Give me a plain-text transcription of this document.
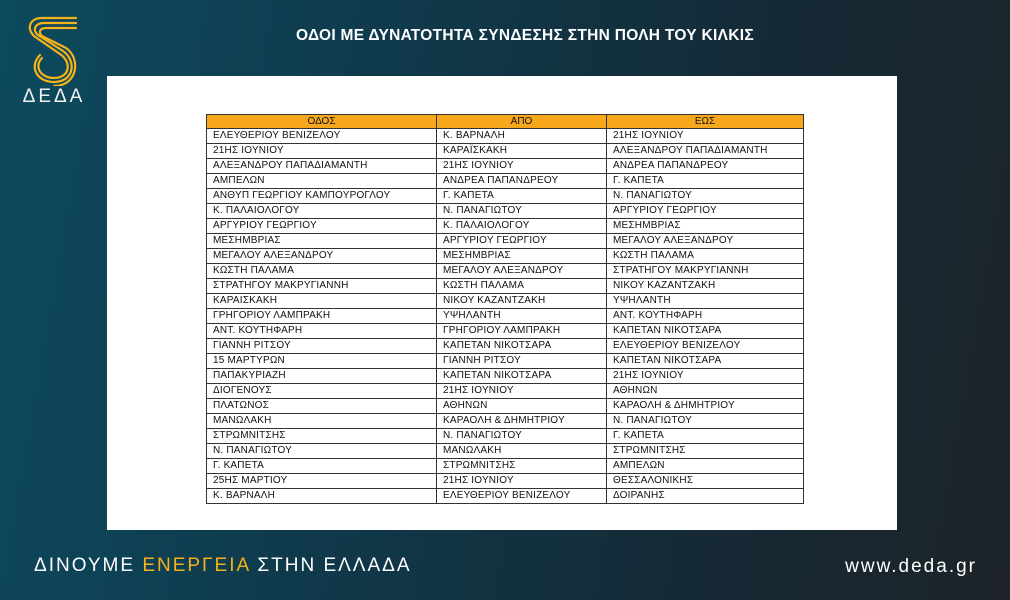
ΔΕΔΑ
ΟΔΟΙ ΜΕ ΔΥΝΑΤΟΤΗΤΑ ΣΥΝΔΕΣΗΣ ΣΤΗΝ ΠΟΛΗ ΤΟΥ ΚΙΛΚΙΣ
ΟΔΟΣ	ΑΠΟ	ΕΩΣ
ΕΛΕΥΘΕΡΙΟΥ ΒΕΝΙΖΕΛΟΥ	Κ. ΒΑΡΝΑΛΗ	21ΗΣ ΙΟΥΝΙΟΥ
21ΗΣ ΙΟΥΝΙΟΥ	ΚΑΡΑΪΣΚΑΚΗ	ΑΛΕΞΑΝΔΡΟΥ ΠΑΠΑΔΙΑΜΑΝΤΗ
ΑΛΕΞΑΝΔΡΟΥ ΠΑΠΑΔΙΑΜΑΝΤΗ	21ΗΣ ΙΟΥΝΙΟΥ	ΑΝΔΡΕΑ ΠΑΠΑΝΔΡΕΟΥ
ΑΜΠΕΛΩΝ	ΑΝΔΡΕΑ ΠΑΠΑΝΔΡΕΟΥ	Γ. ΚΑΠΕΤΑ
ΑΝΘΥΠ ΓΕΩΡΓΙΟΥ ΚΑΜΠΟΥΡΟΓΛΟΥ	Γ. ΚΑΠΕΤΑ	Ν. ΠΑΝΑΓΙΩΤΟΥ
Κ. ΠΑΛΑΙΟΛΟΓΟΥ	Ν. ΠΑΝΑΓΙΩΤΟΥ	ΑΡΓΥΡΙΟΥ ΓΕΩΡΓΙΟΥ
ΑΡΓΥΡΙΟΥ ΓΕΩΡΓΙΟΥ	Κ. ΠΑΛΑΙΟΛΟΓΟΥ	ΜΕΣΗΜΒΡΙΑΣ
ΜΕΣΗΜΒΡΙΑΣ	ΑΡΓΥΡΙΟΥ ΓΕΩΡΓΙΟΥ	ΜΕΓΑΛΟΥ ΑΛΕΞΑΝΔΡΟΥ
ΜΕΓΑΛΟΥ ΑΛΕΞΑΝΔΡΟΥ	ΜΕΣΗΜΒΡΙΑΣ	ΚΩΣΤΗ ΠΑΛΑΜΑ
ΚΩΣΤΗ ΠΑΛΑΜΑ	ΜΕΓΑΛΟΥ ΑΛΕΞΑΝΔΡΟΥ	ΣΤΡΑΤΗΓΟΥ ΜΑΚΡΥΓΙΑΝΝΗ
ΣΤΡΑΤΗΓΟΥ ΜΑΚΡΥΓΙΑΝΝΗ	ΚΩΣΤΗ ΠΑΛΑΜΑ	ΝΙΚΟΥ ΚΑΖΑΝΤΖΑΚΗ
ΚΑΡΑΙΣΚΑΚΗ	ΝΙΚΟΥ ΚΑΖΑΝΤΖΑΚΗ	ΥΨΗΛΑΝΤΗ
ΓΡΗΓΟΡΙΟΥ ΛΑΜΠΡΑΚΗ	ΥΨΗΛΑΝΤΗ	ΑΝΤ. ΚΟΥΤΗΦΑΡΗ
ΑΝΤ. ΚΟΥΤΗΦΑΡΗ	ΓΡΗΓΟΡΙΟΥ ΛΑΜΠΡΑΚΗ	ΚΑΠΕΤΑΝ ΝΙΚΟΤΣΑΡΑ
ΓΙΑΝΝΗ ΡΙΤΣΟΥ	ΚΑΠΕΤΑΝ ΝΙΚΟΤΣΑΡΑ	ΕΛΕΥΘΕΡΙΟΥ ΒΕΝΙΖΕΛΟΥ
15 ΜΑΡΤΥΡΩΝ	ΓΙΑΝΝΗ ΡΙΤΣΟΥ	ΚΑΠΕΤΑΝ ΝΙΚΟΤΣΑΡΑ
ΠΑΠΑΚΥΡΙΑΖΗ	ΚΑΠΕΤΑΝ ΝΙΚΟΤΣΑΡΑ	21ΗΣ ΙΟΥΝΙΟΥ
ΔΙΟΓΕΝΟΥΣ	21ΗΣ ΙΟΥΝΙΟΥ	ΑΘΗΝΩΝ
ΠΛΑΤΩΝΟΣ	ΑΘΗΝΩΝ	ΚΑΡΑΟΛΗ & ΔΗΜΗΤΡΙΟΥ
ΜΑΝΩΛΑΚΗ	ΚΑΡΑΟΛΗ & ΔΗΜΗΤΡΙΟΥ	Ν. ΠΑΝΑΓΙΩΤΟΥ
ΣΤΡΩΜΝΙΤΣΗΣ	Ν. ΠΑΝΑΓΙΩΤΟΥ	Γ. ΚΑΠΕΤΑ
Ν. ΠΑΝΑΓΙΩΤΟΥ	ΜΑΝΩΛΑΚΗ	ΣΤΡΩΜΝΙΤΣΗΣ
Γ. ΚΑΠΕΤΑ	ΣΤΡΩΜΝΙΤΣΗΣ	ΑΜΠΕΛΩΝ
25ΗΣ ΜΑΡΤΙΟΥ	21ΗΣ ΙΟΥΝΙΟΥ	ΘΕΣΣΑΛΟΝΙΚΗΣ
Κ. ΒΑΡΝΑΛΗ	ΕΛΕΥΘΕΡΙΟΥ ΒΕΝΙΖΕΛΟΥ	ΔΟΙΡΑΝΗΣ
ΔΙΝΟΥΜΕ ΕΝΕΡΓΕΙΑ ΣΤΗΝ ΕΛΛΑΔΑ	www.deda.gr
